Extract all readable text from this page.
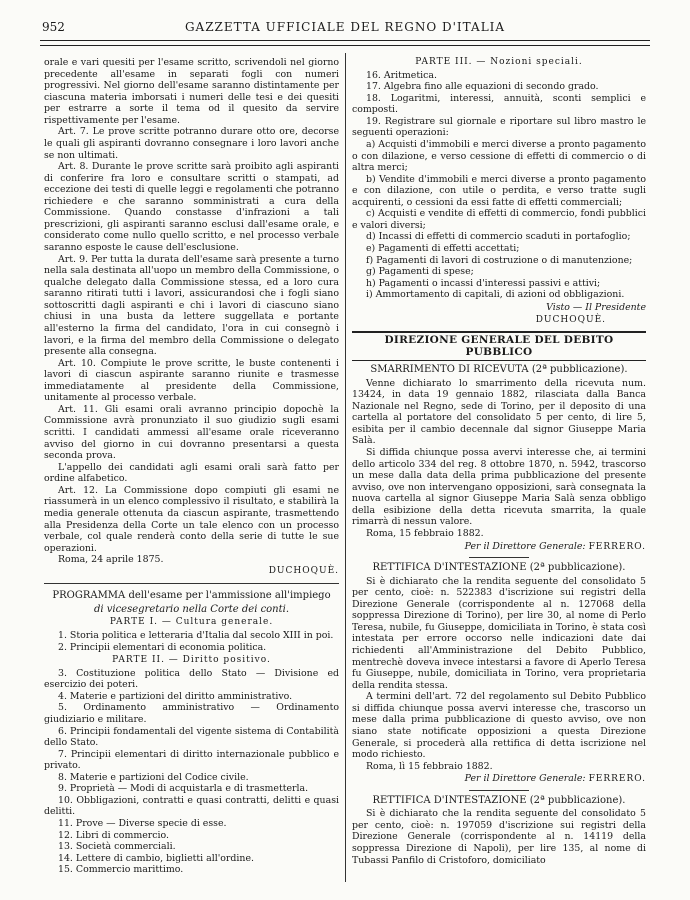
952	GAZZETTA UFFICIALE DEL REGNO D'ITALIA

orale e vari quesiti per l'esame scritto, scrivendoli nel giorno precedente all'esame in separati fogli con numeri progressivi. Nel giorno dell'esame saranno distintamente per ciascuna materia imborsati i numeri delle tesi e dei quesiti per estrarre a sorte il tema od il quesito da servire rispettivamente per l'esame.

Art. 7. Le prove scritte potranno durare otto ore, decorse le quali gli aspiranti dovranno consegnare i loro lavori anche se non ultimati.

Art. 8. Durante le prove scritte sarà proibito agli aspiranti di conferire fra loro e consultare scritti o stampati, ad eccezione dei testi di quelle leggi e regolamenti che potranno richiedere e che saranno somministrati a cura della Commissione. Quando constasse d'infrazioni a tali prescrizioni, gli aspiranti saranno esclusi dall'esame orale, e considerato come nullo quello scritto, e nel processo verbale saranno esposte le cause dell'esclusione.

Art. 9. Per tutta la durata dell'esame sarà presente a turno nella sala destinata all'uopo un membro della Commissione, o qualche delegato dalla Commissione stessa, ed a loro cura saranno ritirati tutti i lavori, assicurandosi che i fogli siano sottoscritti dagli aspiranti e chi i lavori di ciascuno siano chiusi in una busta da lettere suggellata e portante all'esterno la firma del candidato, l'ora in cui consegnò i lavori, e la firma del membro della Commissione o delegato presente alla consegna.

Art. 10. Compiute le prove scritte, le buste contenenti i lavori di ciascun aspirante saranno riunite e trasmesse immediatamente al presidente della Commissione, unitamente al processo verbale.

Art. 11. Gli esami orali avranno principio dopochè la Commissione avrà pronunziato il suo giudizio sugli esami scritti. I candidati ammessi all'esame orale riceveranno avviso del giorno in cui dovranno presentarsi a questa seconda prova.

L'appello dei candidati agli esami orali sarà fatto per ordine alfabetico.

Art. 12. La Commissione dopo compiuti gli esami ne riassumerà in un elenco complessivo il risultato, e stabilirà la media generale ottenuta da ciascun aspirante, trasmettendo alla Presidenza della Corte un tale elenco con un processo verbale, col quale renderà conto della serie di tutte le sue operazioni.

Roma, 24 aprile 1875.

DUCHOQUÈ.

PROGRAMMA dell'esame per l'ammissione all'impiego

di vicesegretario nella Corte dei conti.

PARTE I. — Cultura generale.

1. Storia politica e letteraria d'Italia dal secolo XIII in poi.

2. Principii elementari di economia politica.

PARTE II. — Diritto positivo.

3. Costituzione politica dello Stato — Divisione ed esercizio dei poteri.

4. Materie e partizioni del diritto amministrativo.

5. Ordinamento amministrativo — Ordinamento giudiziario e militare.

6. Principii fondamentali del vigente sistema di Contabilità dello Stato.

7. Principii elementari di diritto internazionale pubblico e privato.

8. Materie e partizioni del Codice civile.

9. Proprietà — Modi di acquistarla e di trasmetterla.

10. Obbligazioni, contratti e quasi contratti, delitti e quasi delitti.

11. Prove — Diverse specie di esse.

12. Libri di commercio.

13. Società commerciali.

14. Lettere di cambio, biglietti all'ordine.

15. Commercio marittimo.

PARTE III. — Nozioni speciali.

16. Aritmetica.

17. Algebra fino alle equazioni di secondo grado.

18. Logaritmi, interessi, annuità, sconti semplici e composti.

19. Registrare sul giornale e riportare sul libro mastro le seguenti operazioni:

a) Acquisti d'immobili e merci diverse a pronto pagamento o con dilazione, e verso cessione di effetti di commercio o di altra merci;

b) Vendite d'immobili e merci diverse a pronto pagamento e con dilazione, con utile o perdita, e verso tratte sugli acquirenti, o cessioni da essi fatte di effetti commerciali;

c) Acquisti e vendite di effetti di commercio, fondi pubblici e valori diversi;

d) Incassi di effetti di commercio scaduti in portafoglio;

e) Pagamenti di effetti accettati;

f) Pagamenti di lavori di costruzione o di manutenzione;

g) Pagamenti di spese;

h) Pagamenti o incassi d'interessi passivi e attivi;

i) Ammortamento di capitali, di azioni od obbligazioni.

Visto — Il Presidente

DUCHOQUÈ.

DIREZIONE GENERALE DEL DEBITO PUBBLICO

SMARRIMENTO DI RICEVUTA (2ª pubblicazione).

Venne dichiarato lo smarrimento della ricevuta num. 13424, in data 19 gennaio 1882, rilasciata dalla Banca Nazionale nel Regno, sede di Torino, per il deposito di una cartella al portatore del consolidato 5 per cento, di lire 5, esibita per il cambio decennale dal signor Giuseppe Maria Salà.

Si diffida chiunque possa avervi interesse che, ai termini dello articolo 334 del reg. 8 ottobre 1870, n. 5942, trascorso un mese dalla data della prima pubblicazione del presente avviso, ove non intervengano opposizioni, sarà consegnata la nuova cartella al signor Giuseppe Maria Salà senza obbligo della esibizione della detta ricevuta smarrita, la quale rimarrà di nessun valore.

Roma, 15 febbraio 1882.

Per il Direttore Generale: FERRERO.

RETTIFICA D'INTESTAZIONE (2ª pubblicazione).

Si è dichiarato che la rendita seguente del consolidato 5 per cento, cioè: n. 522383 d'iscrizione sui registri della Direzione Generale (corrispondente al n. 127068 della soppressa Direzione di Torino), per lire 30, al nome di Perlo Teresa, nubile, fu Giuseppe, domiciliata in Torino, è stata così intestata per errore occorso nelle indicazioni date dai richiedenti all'Amministrazione del Debito Pubblico, mentrechè doveva invece intestarsi a favore di Aperlo Teresa fu Giuseppe, nubile, domiciliata in Torino, vera proprietaria della rendita stessa.

A termini dell'art. 72 del regolamento sul Debito Pubblico si diffida chiunque possa avervi interesse che, trascorso un mese dalla prima pubblicazione di questo avviso, ove non siano state notificate opposizioni a questa Direzione Generale, si procederà alla rettifica di detta iscrizione nel modo richiesto.

Roma, lì 15 febbraio 1882.

Per il Direttore Generale: FERRERO.

RETTIFICA D'INTESTAZIONE (2ª pubblicazione).

Si è dichiarato che la rendita seguente del consolidato 5 per cento, cioè: n. 197059 d'iscrizione sui registri della Direzione Generale (corrispondente al n. 14119 della soppressa Direzione di Napoli), per lire 135, al nome di Tubassi Panfilo di Cristoforo, domiciliato
